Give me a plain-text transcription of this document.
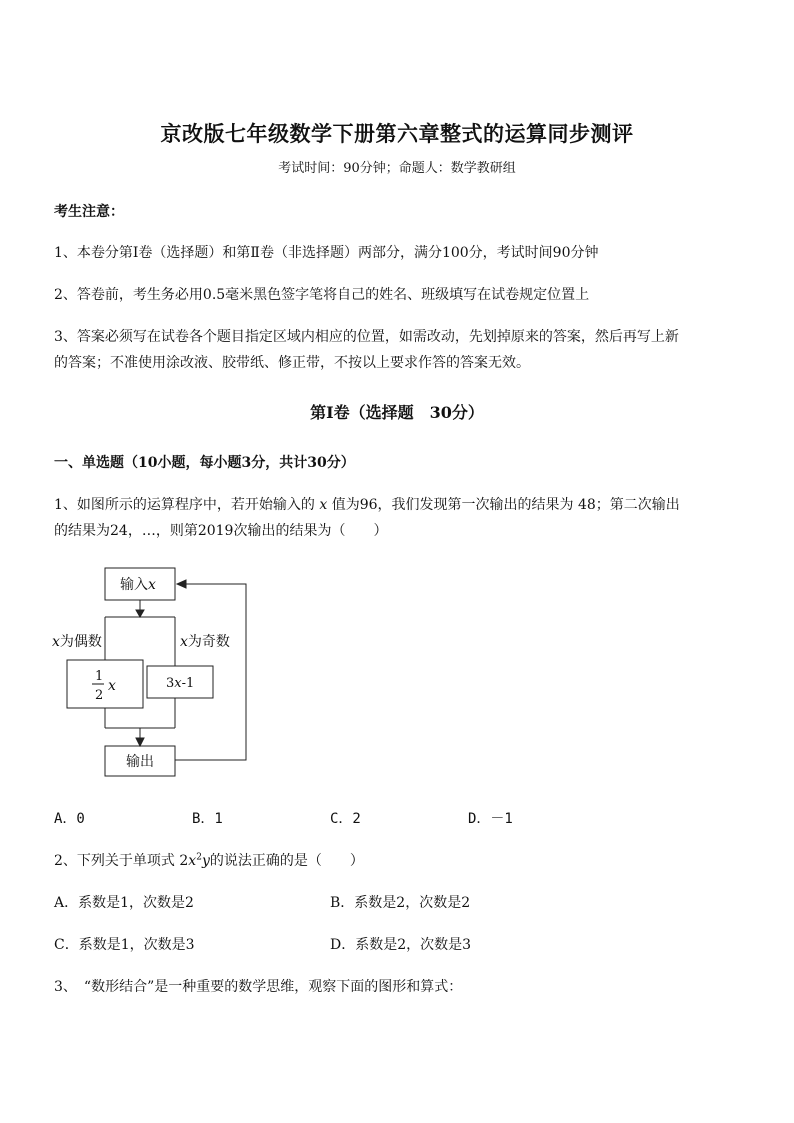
京改版七年级数学下册第六章整式的运算同步测评
考试时间：90分钟；命题人：数学教研组
考生注意：
1、本卷分第Ⅰ卷（选择题）和第Ⅱ卷（非选择题）两部分，满分100分，考试时间90分钟
2、答卷前，考生务必用0.5毫米黑色签字笔将自己的姓名、班级填写在试卷规定位置上
3、答案必须写在试卷各个题目指定区域内相应的位置，如需改动，先划掉原来的答案，然后再写上新
的答案；不准使用涂改液、胶带纸、修正带，不按以上要求作答的答案无效。
第Ⅰ卷（选择题　30分）
一、单选题（10小题，每小题3分，共计30分）
1、如图所示的运算程序中，若开始输入的 x 值为96，我们发现第一次输出的结果为 48；第二次输出
的结果为24，…，则第2019次输出的结果为（　　）
输入x
x为偶数	x为奇数
1
2
x	3x-1
输出
A．0	B．1	C．2	D．－1
2、下列关于单项式 $2x^2y$的说法正确的是（　　）
A．系数是1，次数是2	B．系数是2，次数是2
C．系数是1，次数是3	D．系数是2，次数是3
3、　“数形结合”是一种重要的数学思维，观察下面的图形和算式：
